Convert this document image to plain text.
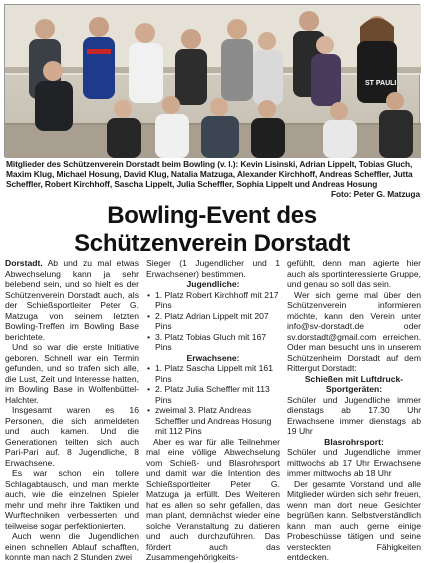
ST PAULI
Mitglieder des Schützenverein Dorstadt beim Bowling (v. l.): Kevin Lisinski, Adrian Lippelt, Tobias Gluch, Maxim Klug, Michael Hosung, David Klug, Natalia Matzuga, Alexander Kirchhoff, Andreas Scheffler, Jutta Scheffler, Robert Kirchhoff, Sascha Lippelt, Julia Scheffler, Sophia Lippelt und Andreas Hosung
Foto: Peter G. Matzuga
Bowling-Event des
Schützenverein Dorstadt

Dorstadt. Ab und zu mal etwas Abwechselung kann ja sehr belebend sein, und so hielt es der Schützenverein Dorstadt auch, als der Schießsportleiter Peter G. Matzuga von seinem letzten Bowling-Treffen im Bowling Base berichtete.

Und so war die erste Initiative geboren. Schnell war ein Termin gefunden, und so trafen sich alle, die Lust, Zeit und Interesse hatten, im Bowling Base in Wolfenbüttel-Halchter.

Insgesamt waren es 16 Personen, die sich anmeldeten und auch kamen. Und die Generationen teilten sich auch Pari-Pari auf. 8 Jugendliche, 8 Erwachsene.

Es war schon ein tollere Schlagabtausch, und man merkte auch, wie die einzelnen Spieler mehr und mehr ihre Taktiken und Wurftechniken verbesserten und teilweise sogar perfektionierten.

Auch wenn die Jugendlichen einen schnellen Ablauf schafften, konnte man nach 2 Stunden zwei

Sieger (1 Jugendlicher und 1 Erwachsener) bestimmen.

Jugendliche:
• 1. Platz Robert Kirchhoff mit 217 Pins
• 2. Platz Adrian Lippelt mit 207 Pins
• 3. Platz Tobias Gluch mit 167 Pins
Erwachsene:
• 1. Platz Sascha Lippelt mit 161 Pins
• 2. Platz Julia Scheffler mit 113 Pins
• zweimal 3. Platz Andreas Scheffler und Andreas Hosung mit 112 Pins

Aber es war für alle Teilnehmer mal eine völlige Abwechselung vom Schieß- und Blasrohrsport und damit war die Intention des Schießsportleiter Peter G. Matzuga ja erfüllt. Des Weiteren hat es allen so sehr gefallen, das man plant, demnächst wieder eine solche Veranstaltung zu datieren und auch durchzuführen. Das fördert auch das Zusammengehörigkeits-

gefühlt, denn man agierte hier auch als sportinteressierte Gruppe, und genau so soll das sein.

Wer sich gerne mal über den Schützenverein informieren möchte, kann den Verein unter info@sv-dorstadt.de oder sv.dorstadt@gmail.com erreichen. Oder man besucht uns in unserem Schützenheim Dorstadt auf dem Rittergut Dorstadt:

Schießen mit Luftdruck-Sportgeräten:

Schüler und Jugendliche immer dienstags ab 17.30 Uhr Erwachsene immer dienstags ab 19 Uhr

Blasrohrsport:

Schüler und Jugendliche immer mittwochs ab 17 Uhr Erwachsene immer mittwochs ab 18 Uhr

Der gesamte Vorstand und alle Mitglieder würden sich sehr freuen, wenn man dort neue Gesichter begrüßen kann. Selbstverständlich kann man auch gerne einige Probeschüsse tätigen und seine versteckten Fähigkeiten entdecken.
